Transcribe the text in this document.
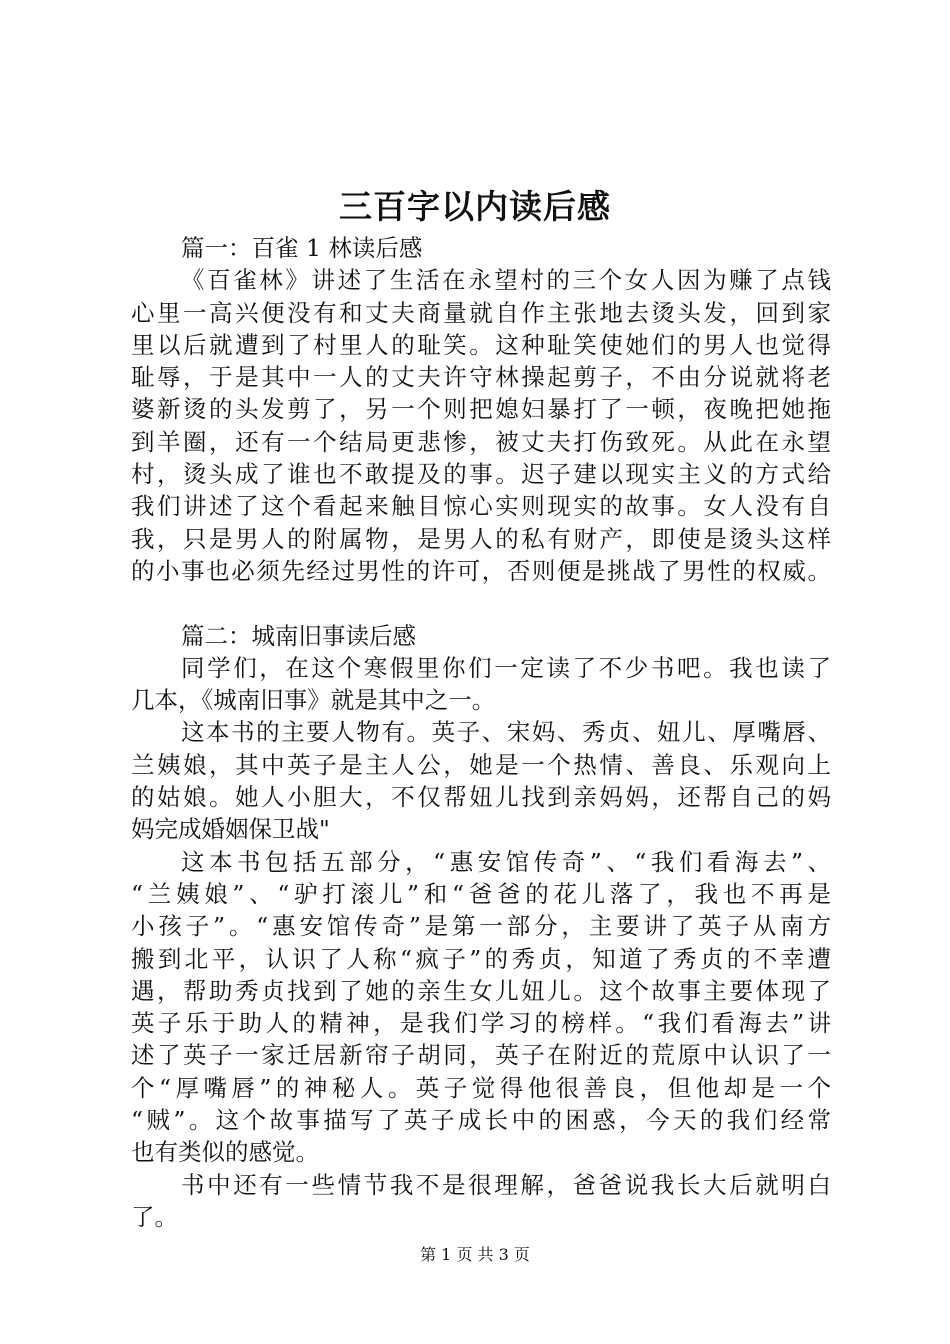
三百字以内读后感
篇一：百雀 1 林读后感
《百雀林》讲述了生活在永望村的三个女人因为赚了点钱
心里一高兴便没有和丈夫商量就自作主张地去烫头发，回到家
里以后就遭到了村里人的耻笑。这种耻笑使她们的男人也觉得
耻辱，于是其中一人的丈夫许守林操起剪子，不由分说就将老
婆新烫的头发剪了，另一个则把媳妇暴打了一顿，夜晚把她拖
到羊圈，还有一个结局更悲惨，被丈夫打伤致死。从此在永望
村，烫头成了谁也不敢提及的事。迟子建以现实主义的方式给
我们讲述了这个看起来触目惊心实则现实的故事。女人没有自
我，只是男人的附属物，是男人的私有财产，即使是烫头这样
的小事也必须先经过男性的许可，否则便是挑战了男性的权威。
篇二：城南旧事读后感
同学们，在这个寒假里你们一定读了不少书吧。我也读了
几本，《城南旧事》就是其中之一。
这本书的主要人物有。英子、宋妈、秀贞、妞儿、厚嘴唇、
兰姨娘，其中英子是主人公，她是一个热情、善良、乐观向上
的姑娘。她人小胆大，不仅帮妞儿找到亲妈妈，还帮自己的妈
妈完成婚姻保卫战"
这本书包括五部分，“惠安馆传奇”、“我们看海去”、
“兰姨娘”、“驴打滚儿”和“爸爸的花儿落了，我也不再是
小孩子”。“惠安馆传奇”是第一部分，主要讲了英子从南方
搬到北平，认识了人称“疯子”的秀贞，知道了秀贞的不幸遭
遇，帮助秀贞找到了她的亲生女儿妞儿。这个故事主要体现了
英子乐于助人的精神，是我们学习的榜样。“我们看海去”讲
述了英子一家迁居新帘子胡同，英子在附近的荒原中认识了一
个“厚嘴唇”的神秘人。英子觉得他很善良，但他却是一个
“贼”。这个故事描写了英子成长中的困惑，今天的我们经常
也有类似的感觉。
书中还有一些情节我不是很理解，爸爸说我长大后就明白
了。
第 1 页 共 3 页
